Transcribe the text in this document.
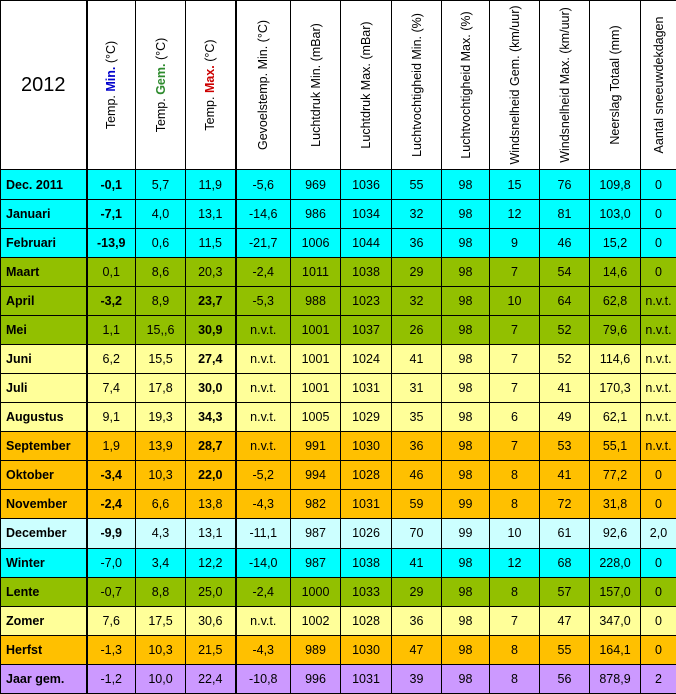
2012	Temp. Min. (°C)	Temp. Gem. (°C)	Temp. Max. (°C)	Gevoelstemp. Min. (°C)	Luchtdruk Min. (mBar)	Luchtdruk Max. (mBar)	Luchtvochtigheid Min. (%)	Luchtvochtigheid Max. (%)	Windsnelheid Gem. (km/uur)	Windsnelheid Max. (km/uur)	Neerslag Totaal (mm)	Aantal sneeuwdekdagen

Dec. 2011	-0,1	5,7	11,9	-5,6	969	1036	55	98	15	76	109,8	0
Januari	-7,1	4,0	13,1	-14,6	986	1034	32	98	12	81	103,0	0
Februari	-13,9	0,6	11,5	-21,7	1006	1044	36	98	9	46	15,2	0
Maart	0,1	8,6	20,3	-2,4	1011	1038	29	98	7	54	14,6	0
April	-3,2	8,9	23,7	-5,3	988	1023	32	98	10	64	62,8	n.v.t.
Mei	1,1	15,,6	30,9	n.v.t.	1001	1037	26	98	7	52	79,6	n.v.t.
Juni	6,2	15,5	27,4	n.v.t.	1001	1024	41	98	7	52	114,6	n.v.t.
Juli	7,4	17,8	30,0	n.v.t.	1001	1031	31	98	7	41	170,3	n.v.t.
Augustus	9,1	19,3	34,3	n.v.t.	1005	1029	35	98	6	49	62,1	n.v.t.
September	1,9	13,9	28,7	n.v.t.	991	1030	36	98	7	53	55,1	n.v.t.
Oktober	-3,4	10,3	22,0	-5,2	994	1028	46	98	8	41	77,2	0
November	-2,4	6,6	13,8	-4,3	982	1031	59	99	8	72	31,8	0
December	-9,9	4,3	13,1	-11,1	987	1026	70	99	10	61	92,6	2,0
Winter	-7,0	3,4	12,2	-14,0	987	1038	41	98	12	68	228,0	0
Lente	-0,7	8,8	25,0	-2,4	1000	1033	29	98	8	57	157,0	0
Zomer	7,6	17,5	30,6	n.v.t.	1002	1028	36	98	7	47	347,0	0
Herfst	-1,3	10,3	21,5	-4,3	989	1030	47	98	8	55	164,1	0
Jaar gem.	-1,2	10,0	22,4	-10,8	996	1031	39	98	8	56	878,9	2
